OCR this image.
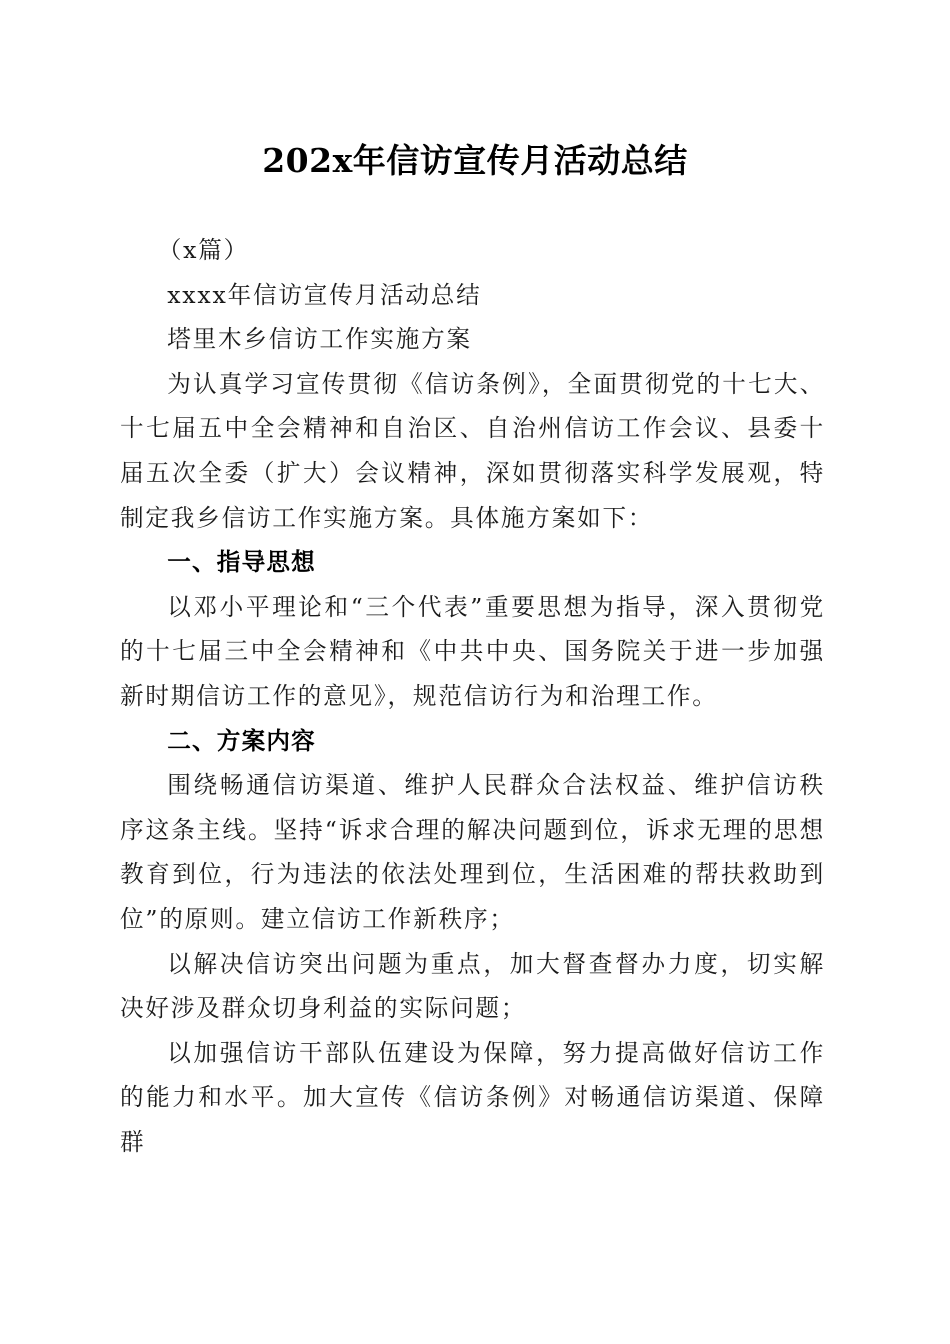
202x年信访宣传月活动总结

（x篇）

xxxx年信访宣传月活动总结

塔里木乡信访工作实施方案

为认真学习宣传贯彻《信访条例》，全面贯彻党的十七大、十七届五中全会精神和自治区、自治州信访工作会议、县委十届五次全委（扩大）会议精神，深如贯彻落实科学发展观，特制定我乡信访工作实施方案。具体施方案如下：

一、指导思想

以邓小平理论和“三个代表”重要思想为指导，深入贯彻党的十七届三中全会精神和《中共中央、国务院关于进一步加强新时期信访工作的意见》，规范信访行为和治理工作。

二、方案内容

围绕畅通信访渠道、维护人民群众合法权益、维护信访秩序这条主线。坚持“诉求合理的解决问题到位，诉求无理的思想教育到位，行为违法的依法处理到位，生活困难的帮扶救助到位”的原则。建立信访工作新秩序；

以解决信访突出问题为重点，加大督查督办力度，切实解决好涉及群众切身利益的实际问题；

以加强信访干部队伍建设为保障，努力提高做好信访工作的能力和水平。加大宣传《信访条例》对畅通信访渠道、保障群
